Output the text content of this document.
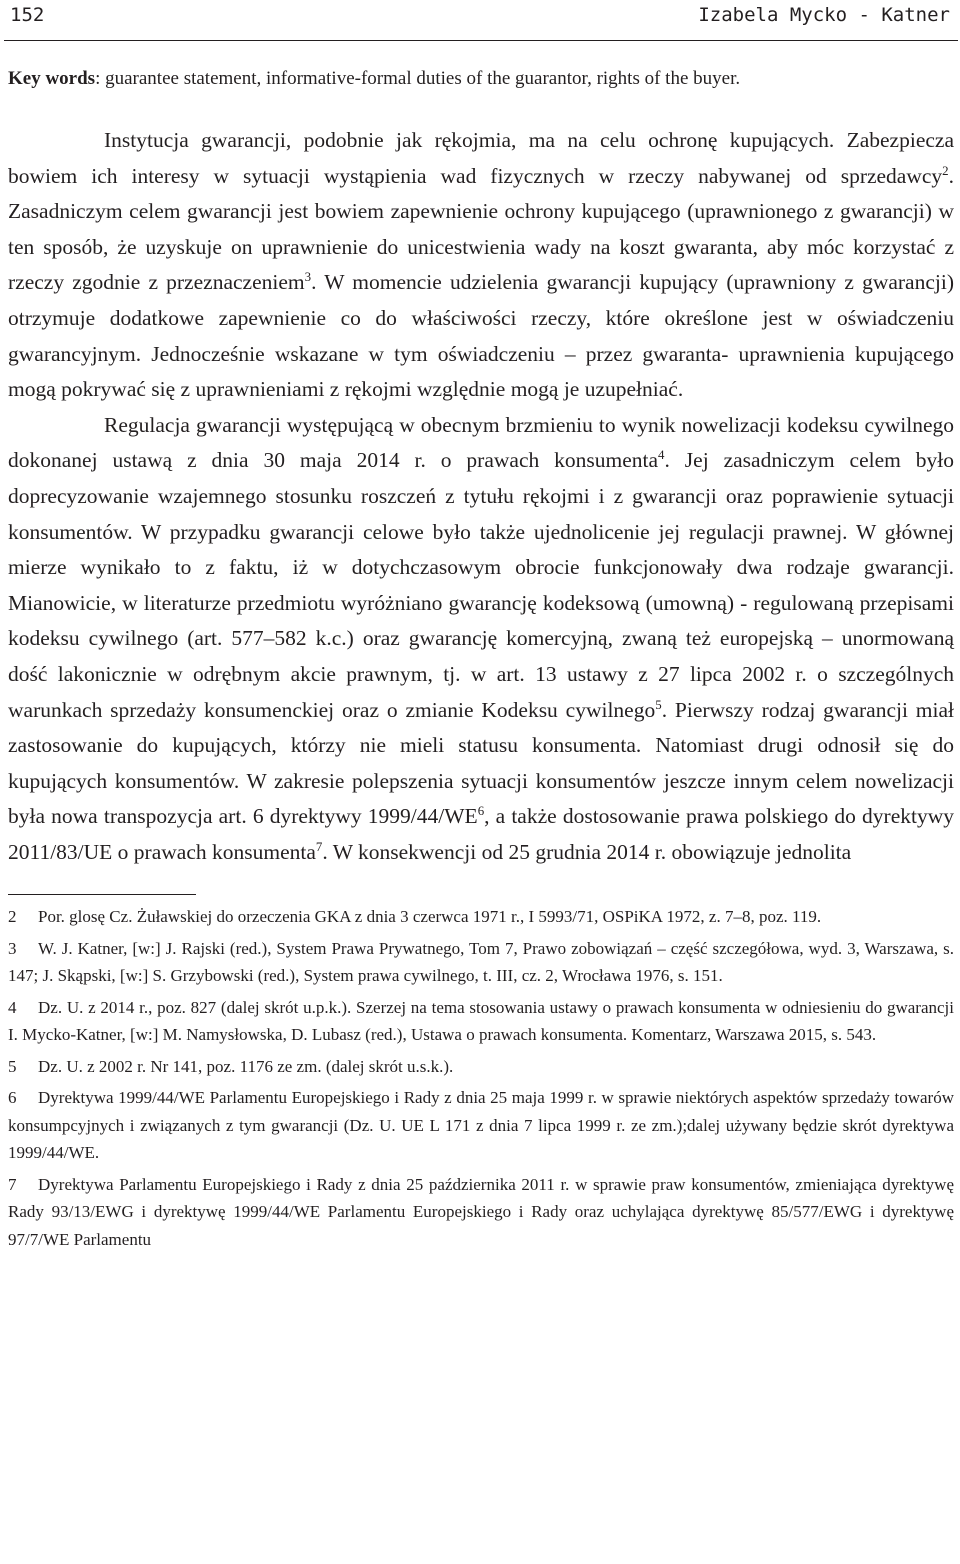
152	Izabela Mycko - Katner
Key words: guarantee statement, informative-formal duties of the guarantor, rights of the buyer.

Instytucja gwarancji, podobnie jak rękojmia, ma na celu ochronę kupujących. Zabezpiecza bowiem ich interesy w sytuacji wystąpienia wad fizycznych w rzeczy nabywanej od sprzedawcy$^2$. Zasadniczym celem gwarancji jest bowiem zapewnienie ochrony kupującego (uprawnionego z gwarancji) w ten sposób, że uzyskuje on uprawnienie do unicestwienia wady na koszt gwaranta, aby móc korzystać z rzeczy zgodnie z przeznaczeniem$^3$. W momencie udzielenia gwarancji kupujący (uprawniony z gwarancji) otrzymuje dodatkowe zapewnienie co do właściwości rzeczy, które określone jest w oświadczeniu gwarancyjnym. Jednocześnie wskazane w tym oświadczeniu – przez gwaranta- uprawnienia kupującego mogą pokrywać się z uprawnieniami z rękojmi względnie mogą je uzupełniać.

Regulacja gwarancji występującą w obecnym brzmieniu to wynik nowelizacji kodeksu cywilnego dokonanej ustawą z dnia 30 maja 2014 r. o prawach konsumenta$^4$. Jej zasadniczym celem było doprecyzowanie wzajemnego stosunku roszczeń z tytułu rękojmi i z gwarancji oraz poprawienie sytuacji konsumentów. W przypadku gwarancji celowe było także ujednolicenie jej regulacji prawnej. W głównej mierze wynikało to z faktu, iż w dotychczasowym obrocie funkcjonowały dwa rodzaje gwarancji. Mianowicie, w literaturze przedmiotu wyróżniano gwarancję kodeksową (umowną) - regulowaną przepisami kodeksu cywilnego (art. 577–582 k.c.) oraz gwarancję komercyjną, zwaną też europejską – unormowaną dość lakonicznie w odrębnym akcie prawnym, tj. w art. 13 ustawy z 27 lipca 2002 r. o szczególnych warunkach sprzedaży konsumenckiej oraz o zmianie Kodeksu cywilnego$^5$. Pierwszy rodzaj gwarancji miał zastosowanie do kupujących, którzy nie mieli statusu konsumenta. Natomiast drugi odnosił się do kupujących konsumentów. W zakresie polepszenia sytuacji konsumentów jeszcze innym celem nowelizacji była nowa transpozycja art. 6 dyrektywy $1999/44/WE^6$, a także dostosowanie prawa polskiego do dyrektywy 2011/83/UE o prawach konsumenta$^7$. W konsekwencji od 25 grudnia 2014 r. obowiązuje jednolita

2 Por. glosę Cz. Żuławskiej do orzeczenia GKA z dnia 3 czerwca 1971 r., I 5993/71, OSPiKA 1972, z. 7–8, poz. 119.
3 W. J. Katner, [w:] J. Rajski (red.), System Prawa Prywatnego, Tom 7, Prawo zobowiązań – część szczegółowa, wyd. 3, Warszawa, s. 147; J. Skąpski, [w:] S. Grzybowski (red.), System prawa cywilnego, t. III, cz. 2, Wrocława 1976, s. 151.
4 Dz. U. z 2014 r., poz. 827 (dalej skrót u.p.k.). Szerzej na tema stosowania ustawy o prawach konsumenta w odniesieniu do gwarancji I. Mycko-Katner, [w:] M. Namysłowska, D. Lubasz (red.), Ustawa o prawach konsumenta. Komentarz, Warszawa 2015, s. 543.
5 Dz. U. z 2002 r. Nr 141, poz. 1176 ze zm. (dalej skrót u.s.k.).
6 Dyrektywa 1999/44/WE Parlamentu Europejskiego i Rady z dnia 25 maja 1999 r. w sprawie niektórych aspektów sprzedaży towarów konsumpcyjnych i związanych z tym gwarancji (Dz. U. UE L 171 z dnia 7 lipca 1999 r. ze zm.);dalej używany będzie skrót dyrektywa 1999/44/WE.
7 Dyrektywa Parlamentu Europejskiego i Rady z dnia 25 października 2011 r. w sprawie praw konsumentów, zmieniająca dyrektywę Rady 93/13/EWG i dyrektywę 1999/44/WE Parlamentu Europejskiego i Rady oraz uchylająca dyrektywę 85/577/EWG i dyrektywę 97/7/WE Parlamentu
